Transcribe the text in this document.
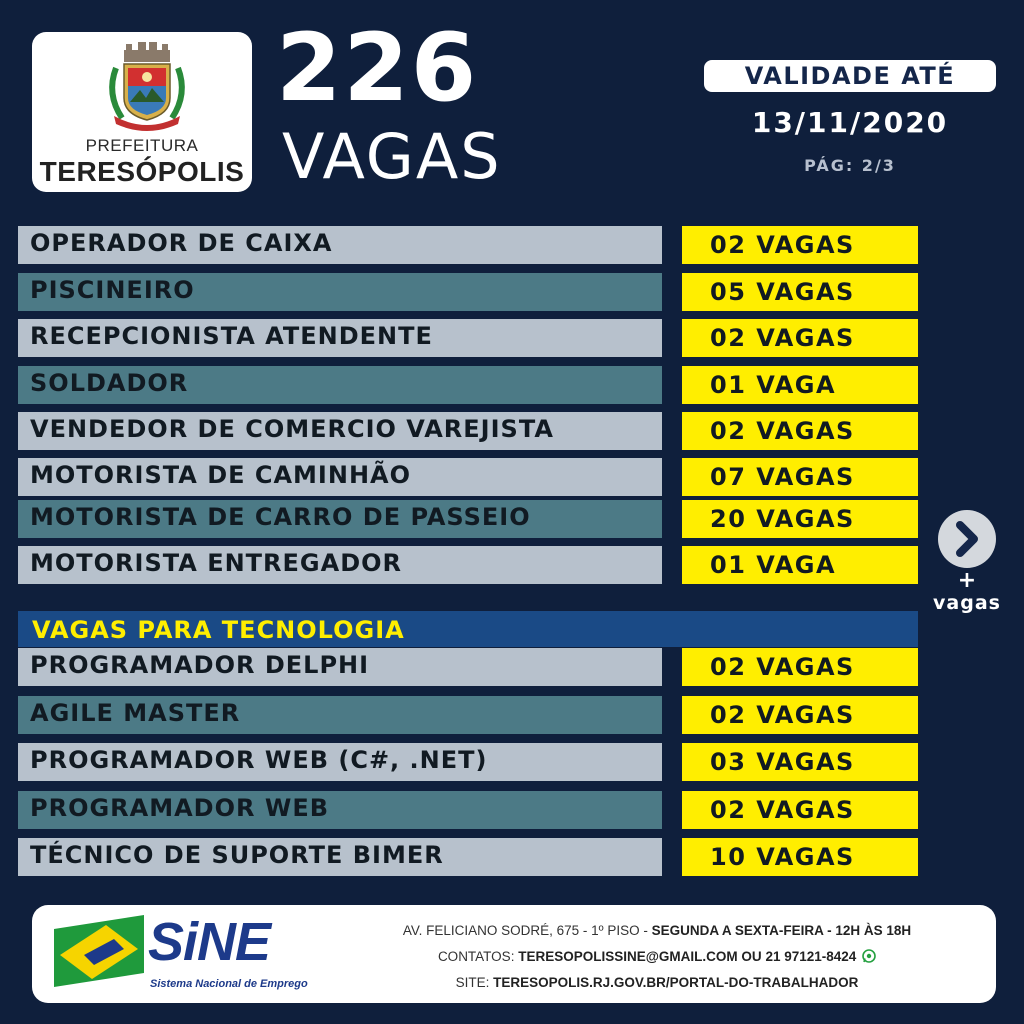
PREFEITURA
TERESÓPOLIS
226
VAGAS
VALIDADE ATÉ
13/11/2020
PÁG: 2/3
OPERADOR DE CAIXA	02 VAGAS
PISCINEIRO	05 VAGAS
RECEPCIONISTA ATENDENTE	02 VAGAS
SOLDADOR	01 VAGA
VENDEDOR DE COMERCIO VAREJISTA	02 VAGAS
MOTORISTA DE CAMINHÃO	07 VAGAS
MOTORISTA DE CARRO DE PASSEIO	20 VAGAS
MOTORISTA ENTREGADOR	01 VAGA
VAGAS PARA TECNOLOGIA
PROGRAMADOR DELPHI	02 VAGAS
AGILE MASTER	02 VAGAS
PROGRAMADOR WEB (C#, .NET)	03 VAGAS
PROGRAMADOR WEB	02 VAGAS
TÉCNICO DE SUPORTE BIMER	10 VAGAS
+
vagas
SiNE
Sistema Nacional de Emprego
AV. FELICIANO SODRÉ, 675 - 1º PISO - SEGUNDA A SEXTA-FEIRA - 12H ÀS 18H
CONTATOS: TERESOPOLISSINE@GMAIL.COM OU 21 97121-8424
SITE: TERESOPOLIS.RJ.GOV.BR/PORTAL-DO-TRABALHADOR
